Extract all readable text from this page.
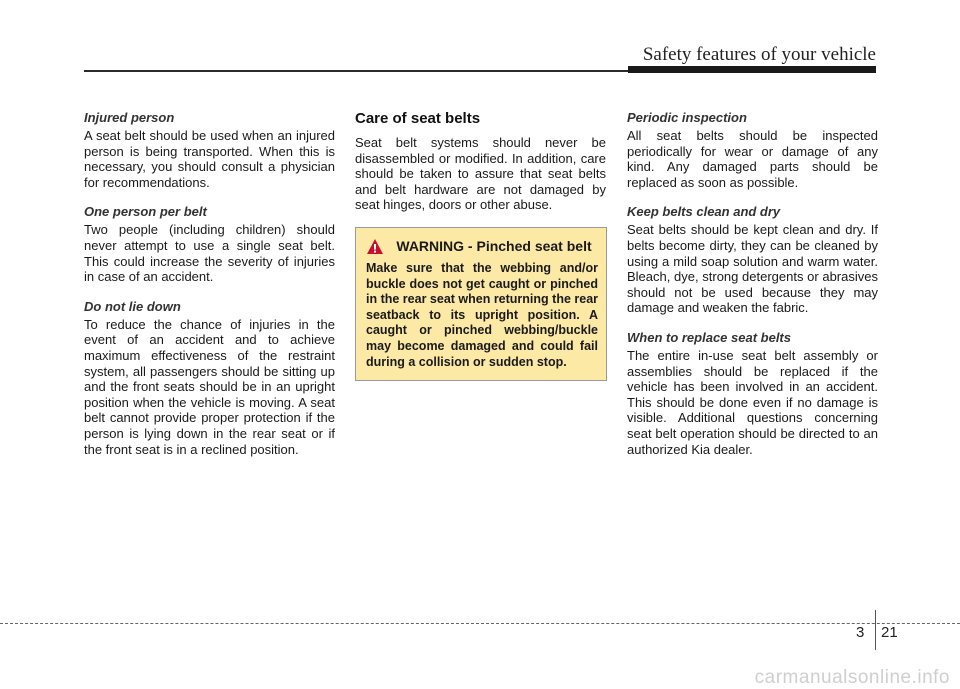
Safety features of your vehicle
Injured person
A seat belt should be used when an injured person is being transported. When this is necessary, you should consult a physician for recommendations.
One person per belt
Two people (including children) should never attempt to use a single seat belt. This could increase the severity of injuries in case of an accident.
Do not lie down
To reduce the chance of injuries in the event of an accident and to achieve maximum effectiveness of the restraint system, all passengers should be sitting up and the front seats should be in an upright position when the vehicle is moving. A seat belt cannot provide proper protection if the person is lying down in the rear seat or if the front seat is in a reclined position.
Care of seat belts
Seat belt systems should never be disassembled or modified. In addition, care should be taken to assure that seat belts and belt hardware are not damaged by seat hinges, doors or other abuse.
WARNING - Pinched seat belt
Make sure that the webbing and/or buckle does not get caught or pinched in the rear seat when returning the rear seatback to its upright position. A caught or pinched webbing/buckle may become damaged and could fail during a collision or sudden stop.
Periodic inspection
All seat belts should be inspected periodically for wear or damage of any kind. Any damaged parts should be replaced as soon as possible.
Keep belts clean and dry
Seat belts should be kept clean and dry. If belts become dirty, they can be cleaned by using a mild soap solution and warm water. Bleach, dye, strong detergents or abrasives should not be used because they may damage and weaken the fabric.
When to replace seat belts
The entire in-use seat belt assembly or assemblies should be replaced if the vehicle has been involved in an accident. This should be done even if no damage is visible. Additional questions concerning seat belt operation should be directed to an authorized Kia dealer.
3 21
carmanualsonline.info
